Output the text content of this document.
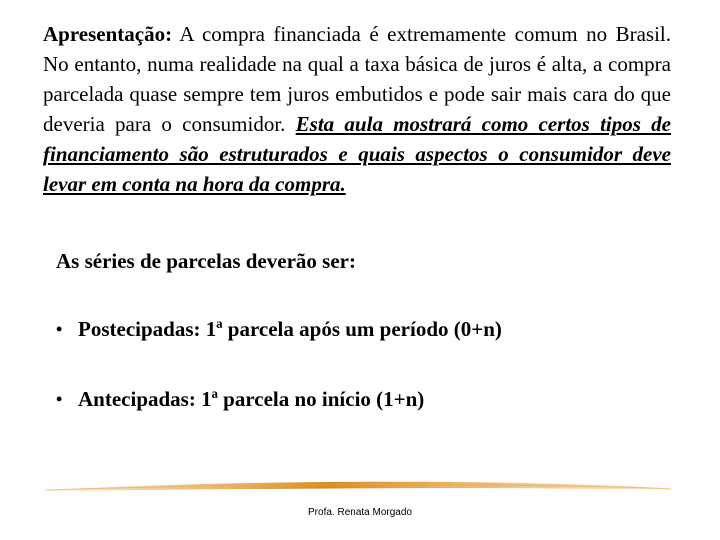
Apresentação: A compra financiada é extremamente comum no Brasil. No entanto, numa realidade na qual a taxa básica de juros é alta, a compra parcelada quase sempre tem juros embutidos e pode sair mais cara do que deveria para o consumidor. Esta aula mostrará como certos tipos de financiamento são estruturados e quais aspectos o consumidor deve levar em conta na hora da compra.

As séries de parcelas deverão ser:

• Postecipadas: 1ª parcela após um período (0+n)
• Antecipadas: 1ª parcela no início (1+n)

Profa. Renata Morgado
